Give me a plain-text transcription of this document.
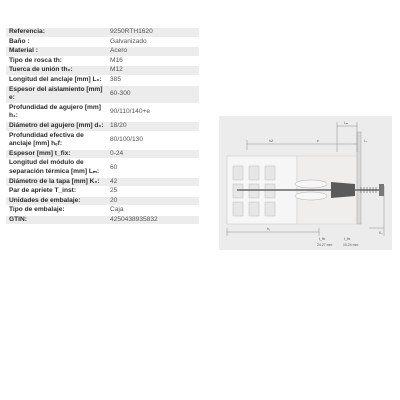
Referencia:	9250RTH1620
Baño :	Galvanizado
Material :	Acero
Tipo de rosca th:	M16
Tuerca de unión th₀:	M12
Longitud del anclaje [mm] L₀:	385
Espesor del aislamiento [mm] e:	60-300
Profundidad de agujero [mm] h₁:	90/110/140+e
Diámetro del agujero [mm] d₀:	18/20
Profundidad efectiva de anclaje [mm] hₑf:	80/100/130
Espesor [mm] t_fix:	0-24
Longitud del módulo de separación térmica [mm] Lₘ:	60
Diámetro de la tapa [mm] K₀:	42
Par de apriete T_inst:	25
Unidades de embalaje:	20
Tipo de embalaje:	Caja
GTIN:	4250438935832
Lₘ
hₑf	e	L₀
K₀
h₁
t_fix	t_fix
24-27 mm	10-24 mm
